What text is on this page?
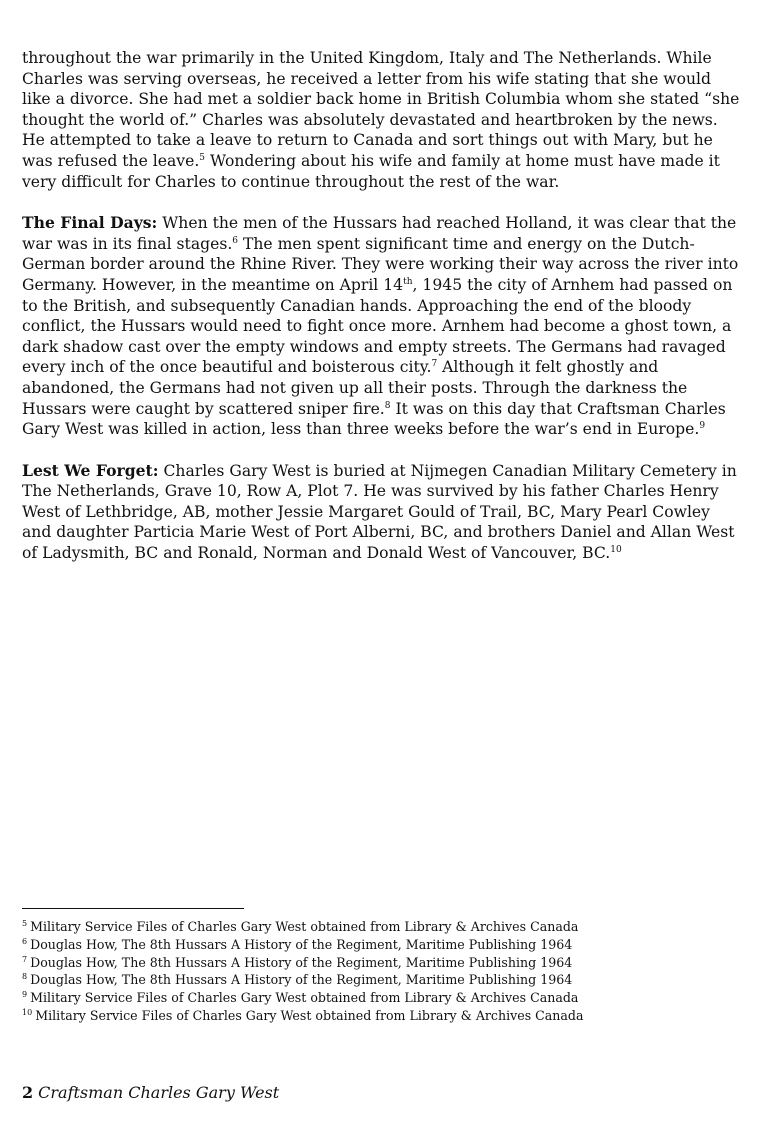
throughout the war primarily in the United Kingdom, Italy and The Netherlands. While Charles was serving overseas, he received a letter from his wife stating that she would like a divorce. She had met a soldier back home in British Columbia whom she stated “she thought the world of.” Charles was absolutely devastated and heartbroken by the news. He attempted to take a leave to return to Canada and sort things out with Mary, but he was refused the leave.$^5$ Wondering about his wife and family at home must have made it very difficult for Charles to continue throughout the rest of the war.

The Final Days: When the men of the Hussars had reached Holland, it was clear that the war was in its final stages.$^6$ The men spent significant time and energy on the Dutch-German border around the Rhine River. They were working their way across the river into Germany. However, in the meantime on April 14th, 1945 the city of Arnhem had passed on to the British, and subsequently Canadian hands. Approaching the end of the bloody conflict, the Hussars would need to fight once more. Arnhem had become a ghost town, a dark shadow cast over the empty windows and empty streets. The Germans had ravaged every inch of the once beautiful and boisterous city.$^7$ Although it felt ghostly and abandoned, the Germans had not given up all their posts. Through the darkness the Hussars were caught by scattered sniper fire.$^8$ It was on this day that Craftsman Charles Gary West was killed in action, less than three weeks before the war’s end in Europe.$^9$

Lest We Forget: Charles Gary West is buried at Nijmegen Canadian Military Cemetery in The Netherlands, Grave 10, Row A, Plot 7. He was survived by his father Charles Henry West of Lethbridge, AB, mother Jessie Margaret Gould of Trail, BC, Mary Pearl Cowley and daughter Particia Marie West of Port Alberni, BC, and brothers Daniel and Allan West of Ladysmith, BC and Ronald, Norman and Donald West of Vancouver, BC.$^{10}$

$^5$ Military Service Files of Charles Gary West obtained from Library & Archives Canada
$^6$ Douglas How, The 8th Hussars A History of the Regiment, Maritime Publishing 1964
$^7$ Douglas How, The 8th Hussars A History of the Regiment, Maritime Publishing 1964
$^8$ Douglas How, The 8th Hussars A History of the Regiment, Maritime Publishing 1964
$^9$ Military Service Files of Charles Gary West obtained from Library & Archives Canada
$^{10}$ Military Service Files of Charles Gary West obtained from Library & Archives Canada
2 Craftsman Charles Gary West
